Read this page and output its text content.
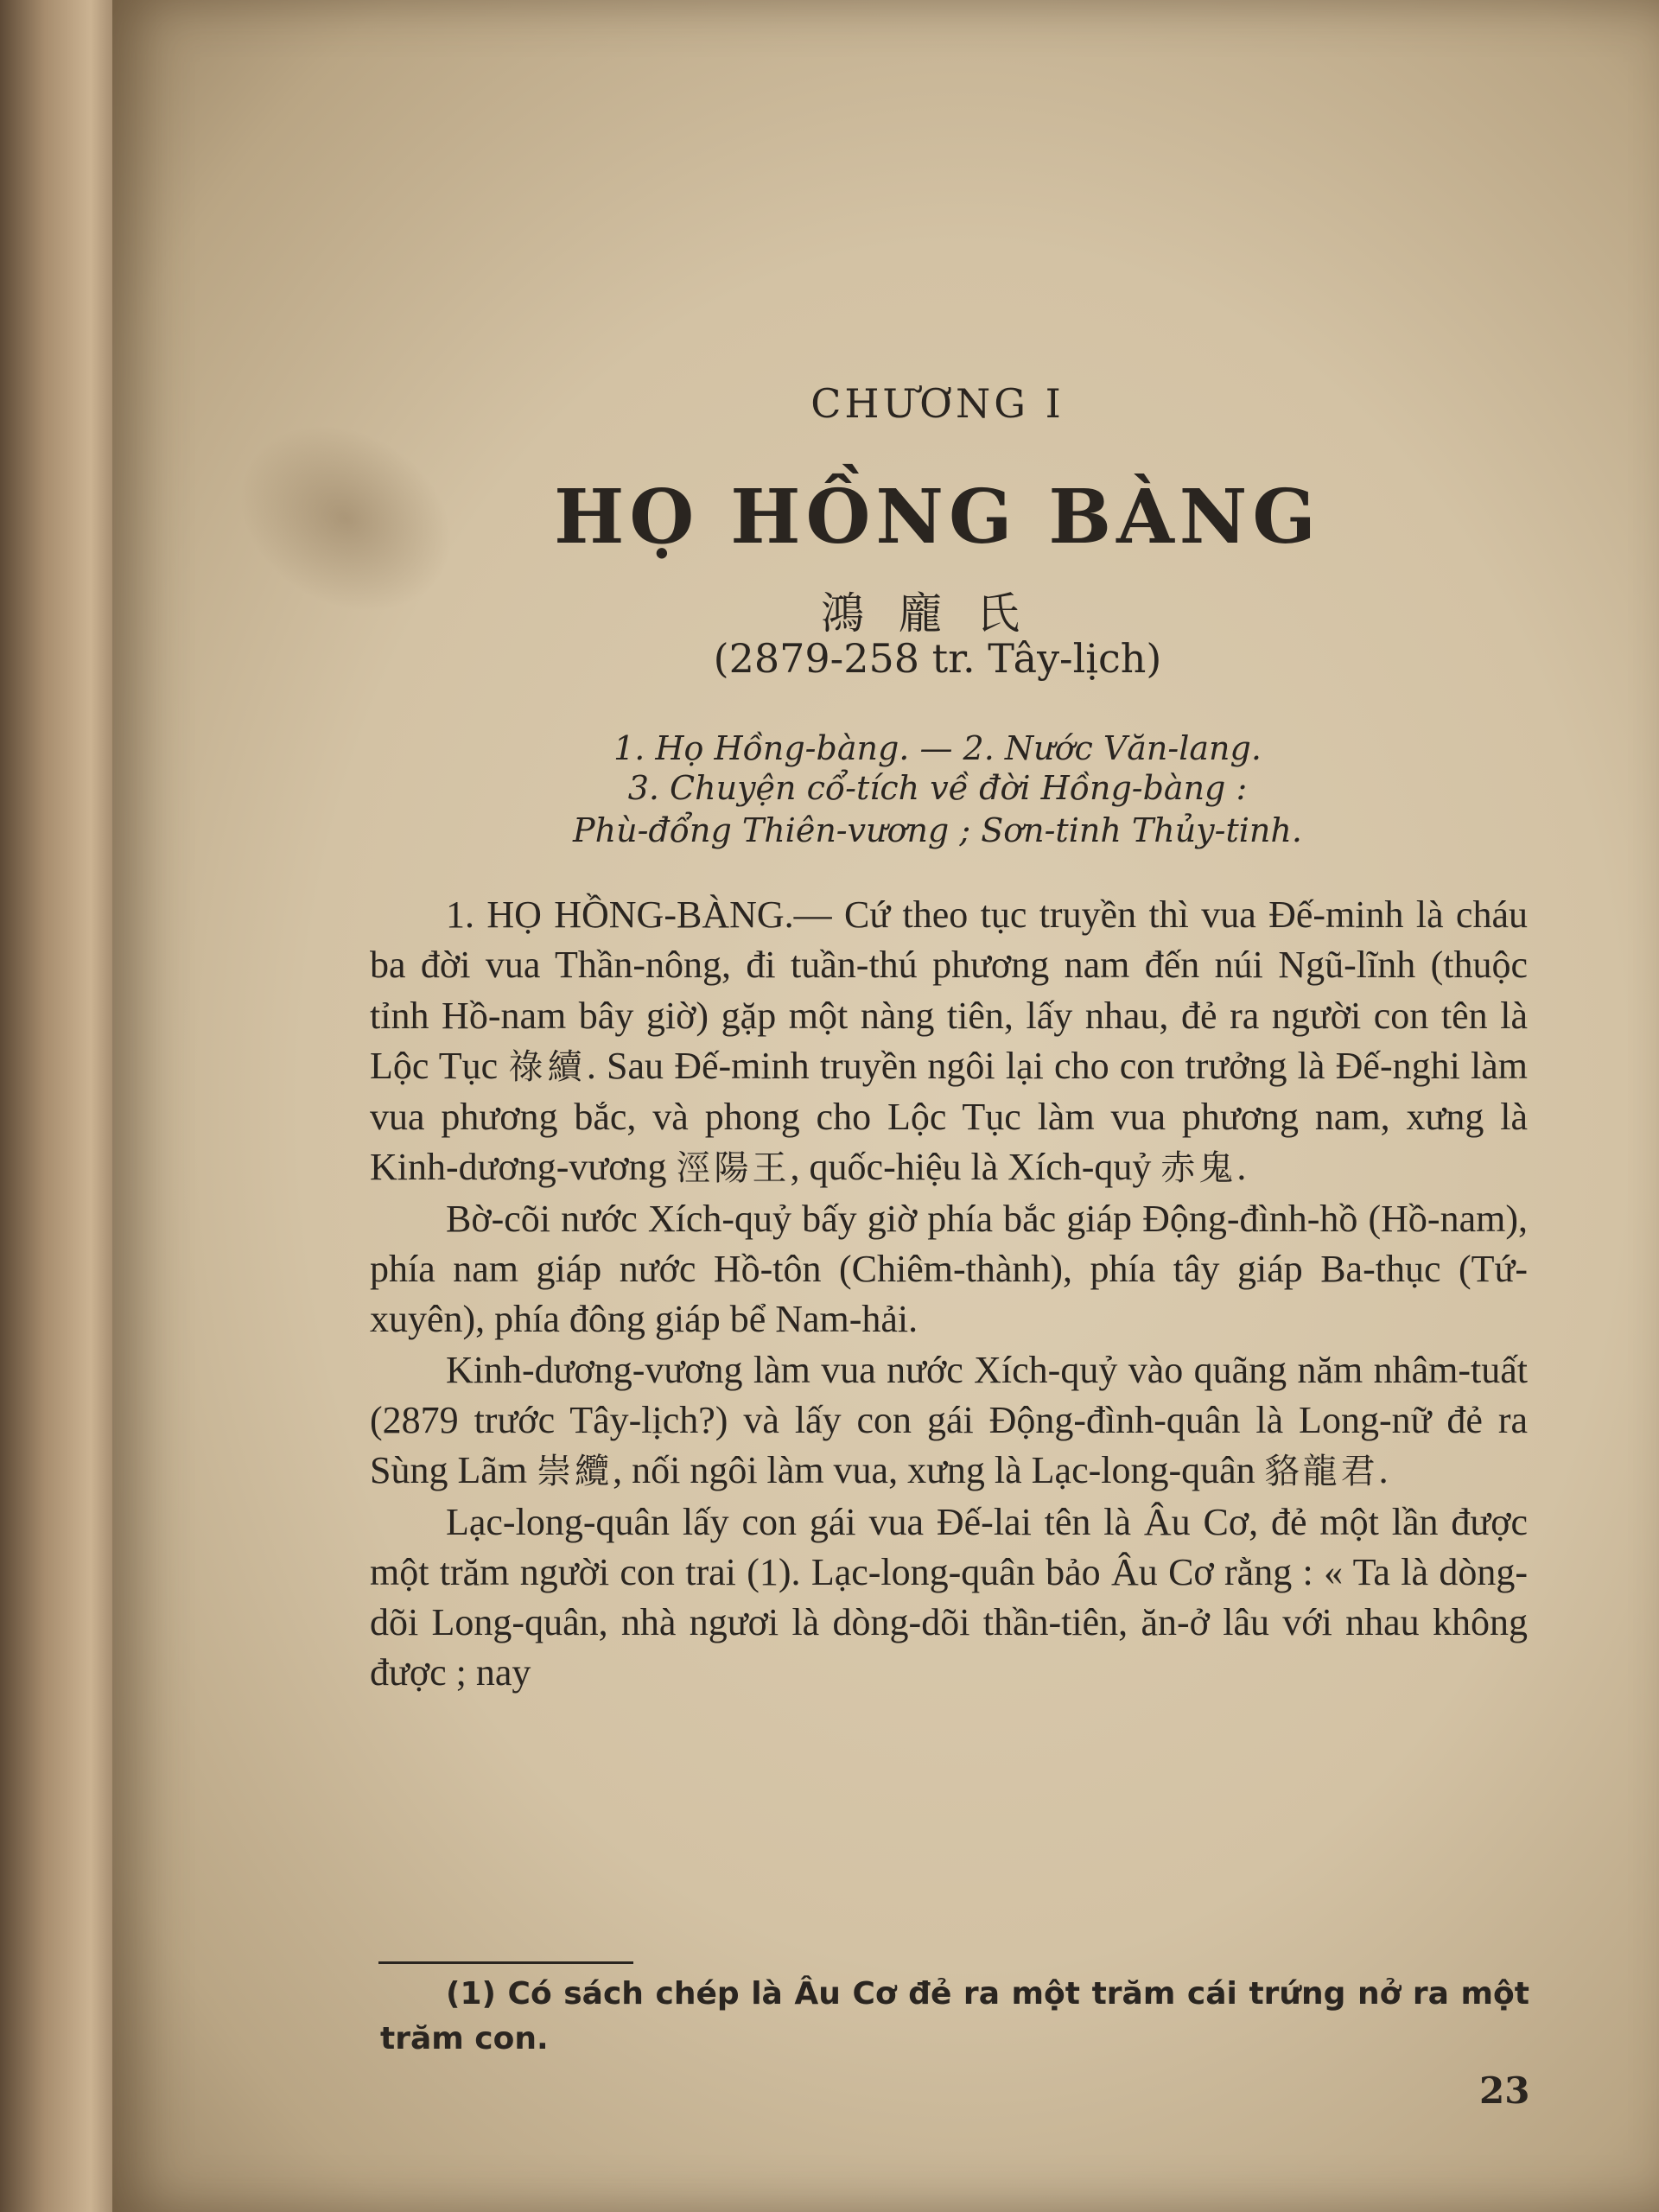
CHƯƠNG I
HỌ HỒNG BÀNG
鴻龐氏
(2879-258 tr. Tây-lịch)
1. Họ Hồng-bàng. — 2. Nước Văn-lang.
3. Chuyện cổ-tích về đời Hồng-bàng :
Phù-đổng Thiên-vương ; Sơn-tinh Thủy-tinh.

1. HỌ HỒNG-BÀNG.— Cứ theo tục truyền thì vua Đế-minh là cháu ba đời vua Thần-nông, đi tuần-thú phương nam đến núi Ngũ-lĩnh (thuộc tỉnh Hồ-nam bây giờ) gặp một nàng tiên, lấy nhau, đẻ ra người con tên là Lộc Tục 祿續. Sau Đế-minh truyền ngôi lại cho con trưởng là Đế-nghi làm vua phương bắc, và phong cho Lộc Tục làm vua phương nam, xưng là Kinh-dương-vương 涇陽王, quốc-hiệu là Xích-quỷ 赤鬼.

Bờ-cõi nước Xích-quỷ bấy giờ phía bắc giáp Động-đình-hồ (Hồ-nam), phía nam giáp nước Hồ-tôn (Chiêm-thành), phía tây giáp Ba-thục (Tứ-xuyên), phía đông giáp bể Nam-hải.

Kinh-dương-vương làm vua nước Xích-quỷ vào quãng năm nhâm-tuất (2879 trước Tây-lịch?) và lấy con gái Động-đình-quân là Long-nữ đẻ ra Sùng Lãm 崇纜, nối ngôi làm vua, xưng là Lạc-long-quân 貉龍君.

Lạc-long-quân lấy con gái vua Đế-lai tên là Âu Cơ, đẻ một lần được một trăm người con trai (1). Lạc-long-quân bảo Âu Cơ rằng : « Ta là dòng-dõi Long-quân, nhà ngươi là dòng-dõi thần-tiên, ăn-ở lâu với nhau không được ; nay

(1) Có sách chép là Âu Cơ đẻ ra một trăm cái trứng nở ra một trăm con.
23
